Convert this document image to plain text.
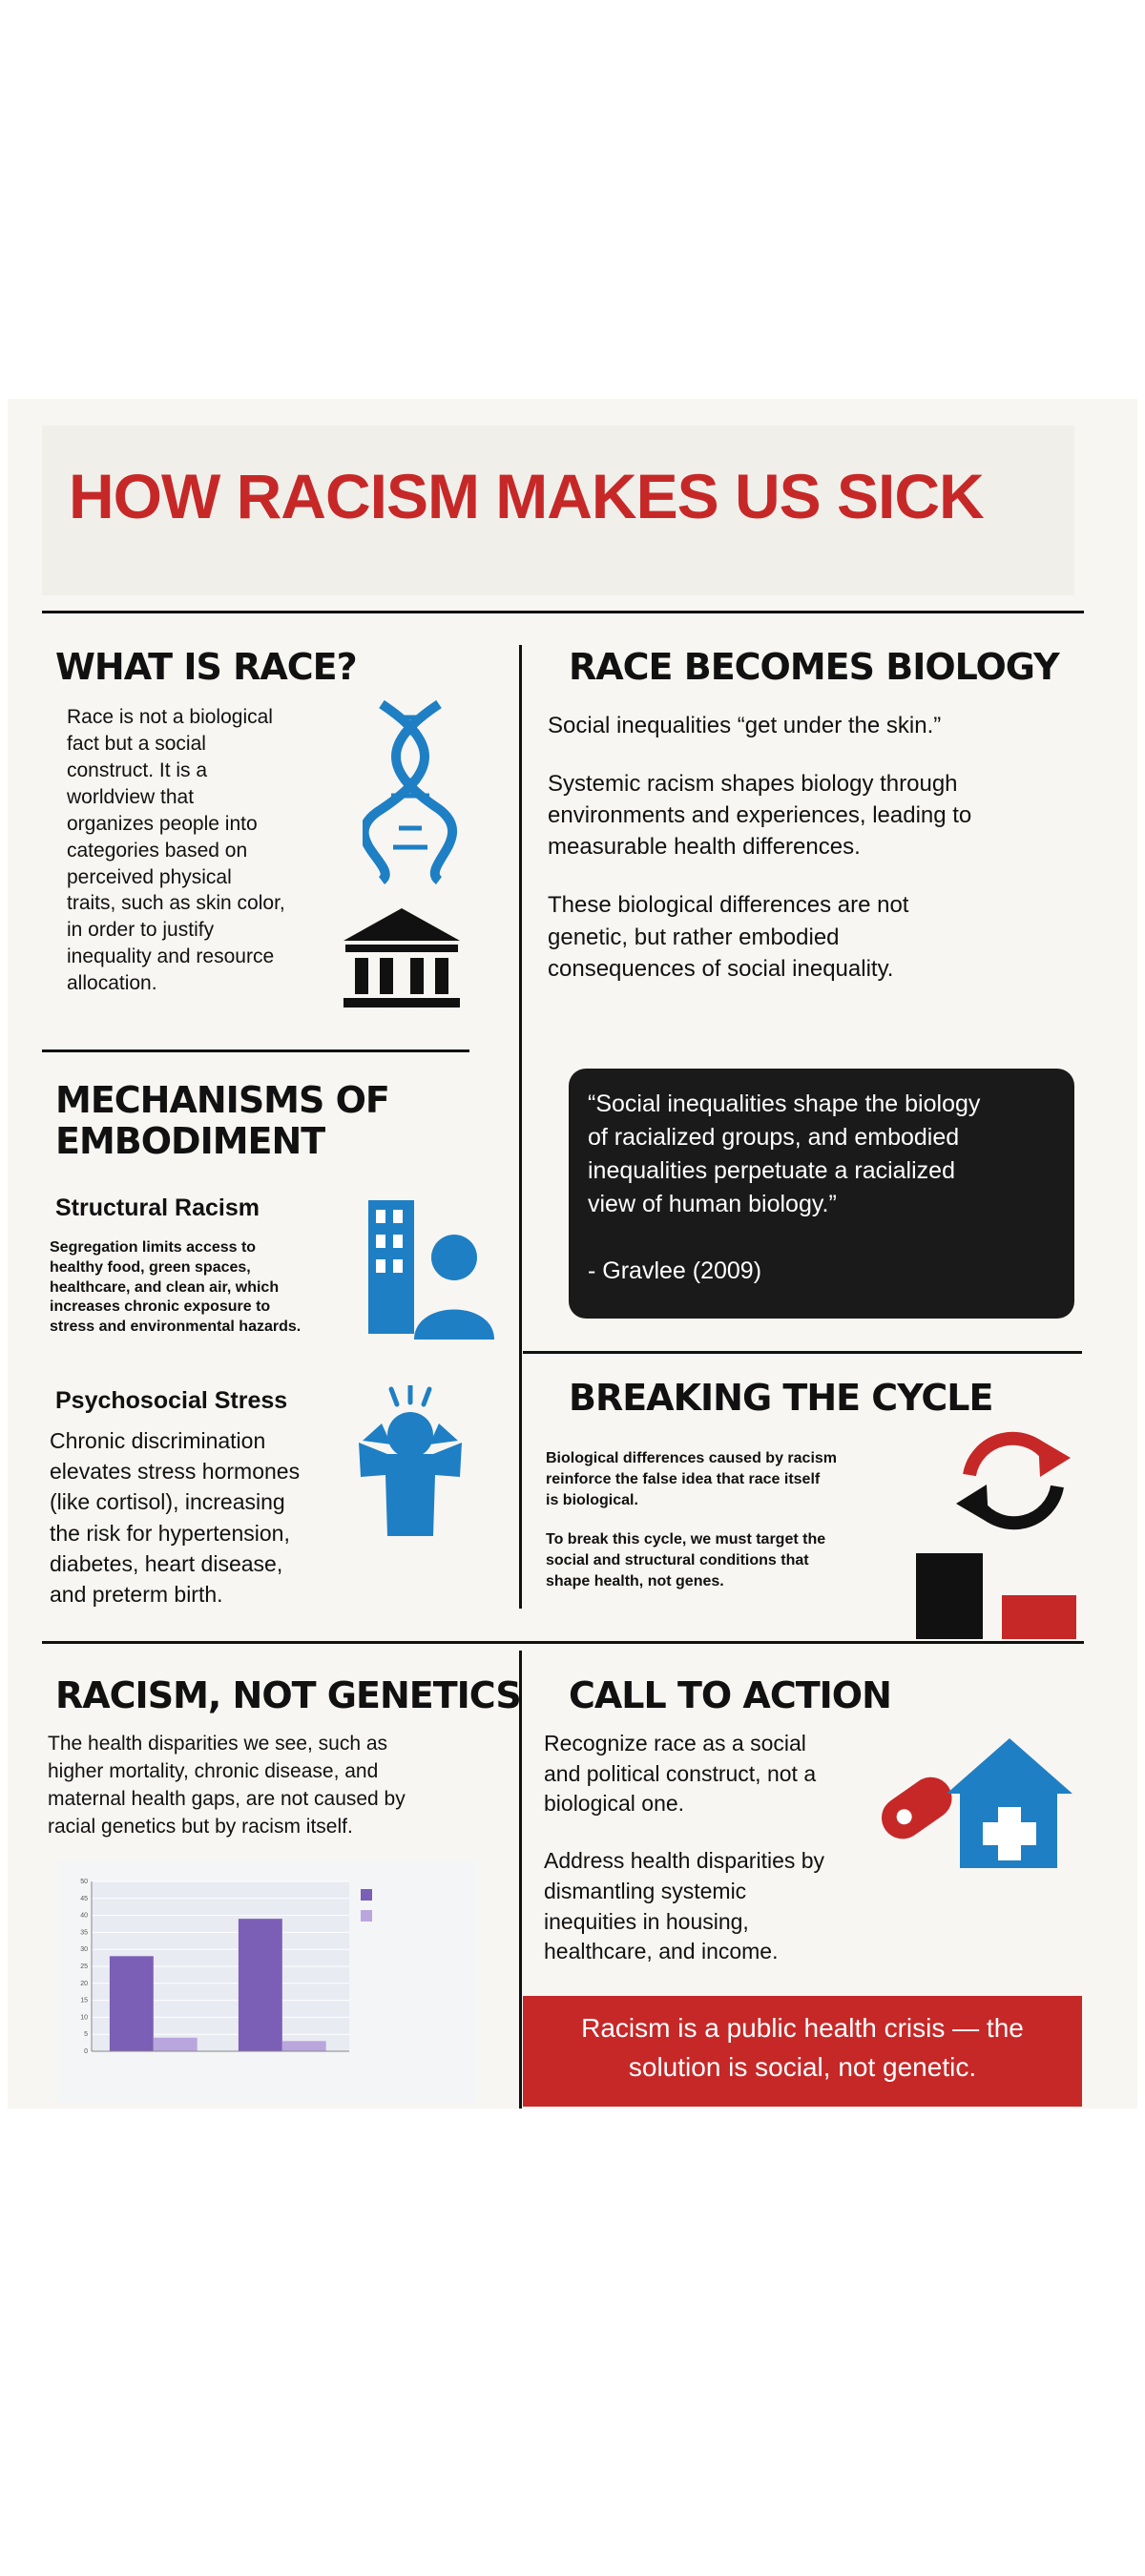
HOW RACISM MAKES US SICK
WHAT IS RACE?
Race is not a biological
fact but a social
construct. It is a
worldview that
organizes people into
categories based on
perceived physical
traits, such as skin color,
in order to justify
inequality and resource
allocation.
RACE BECOMES BIOLOGY
Social inequalities “get under the skin.”
Systemic racism shapes biology through
environments and experiences, leading to
measurable health differences.
These biological differences are not
genetic, but rather embodied
consequences of social inequality.
“Social inequalities shape the biology
of racialized groups, and embodied
inequalities perpetuate a racialized
view of human biology.”
- Gravlee (2009)
MECHANISMS OF
EMBODIMENT
Structural Racism
Segregation limits access to
healthy food, green spaces,
healthcare, and clean air, which
increases chronic exposure to
stress and environmental hazards.
Psychosocial Stress
Chronic discrimination
elevates stress hormones
(like cortisol), increasing
the risk for hypertension,
diabetes, heart disease,
and preterm birth.
BREAKING THE CYCLE
Biological differences caused by racism
reinforce the false idea that race itself
is biological.
To break this cycle, we must target the
social and structural conditions that
shape health, not genes.
RACISM, NOT GENETICS
The health disparities we see, such as
higher mortality, chronic disease, and
maternal health gaps, are not caused by
racial genetics but by racism itself.
0
5
10
15
20
25
30
35
40
45
50
CALL TO ACTION
Recognize race as a social
and political construct, not a
biological one.
Address health disparities by
dismantling systemic
inequities in housing,
healthcare, and income.
Racism is a public health crisis — the
solution is social, not genetic.
